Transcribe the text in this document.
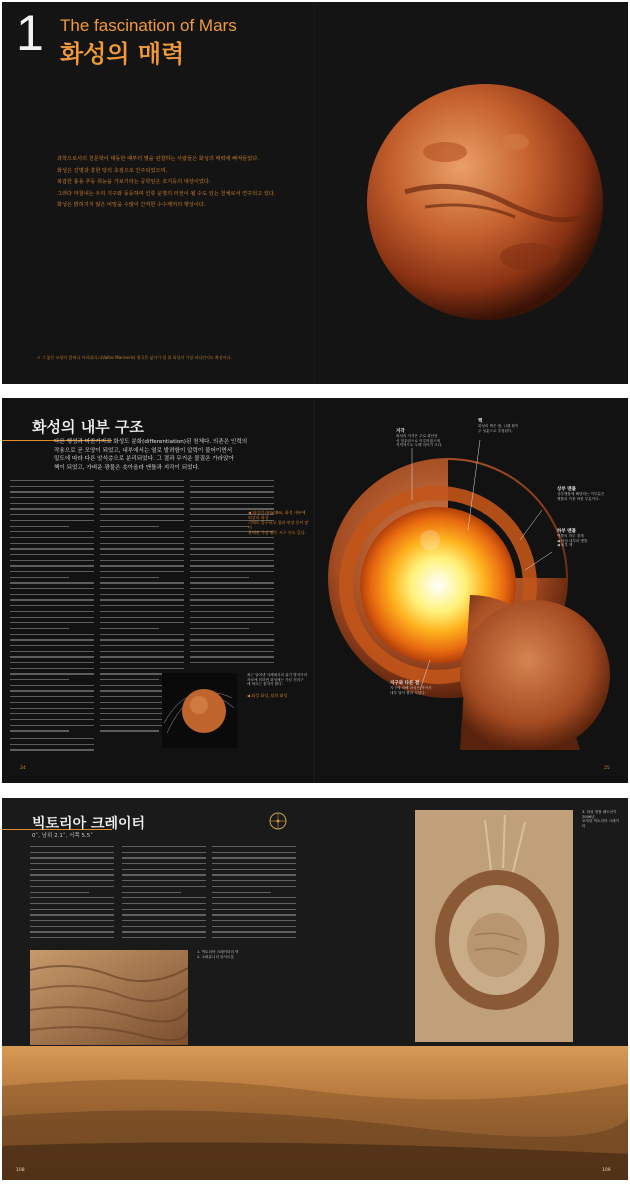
1 The fascination of Mars
화성의 매력
과학으로서의 천문학이 태동한 때부터 별을 관찰하는 사람들은 화성의 매력에 빠져들었다.
화성은 진명과 흥한 당의 초점으로 간주되었으며,
복잡한 흉용 추동 취능을 가보기라는 공학임은 조기등의 대상이었다.
그러다 마침내는 우리 지구와 동등하며 인류 운명의 터전이 될 수도 있는 천체로서 연구되고 있다.
화성은 밝혀지지 않은 비밀을 수많이 간직한 수수께끼의 행성이다.
< 그 붉은 모양이 밝혀나 마리네리스(Valles Marineris) 협곡은 넓이가 될 위 화성의 가장 커다란지도 확장이다.
화성의 내부 구조
다른 행성과 마찬가지로 화성도 분화(differentiation)된 천체다. 의존은 인력의
작용으로 곧 모양이 되었고, 내부에서는 열로 발려함이 압력이 불어이면서
밀도에 따라 다른 암석층으로 분리되었다. 그 결과 무거운 물질은 가라앉아
핵이 되었고, 가벼운 광물은 솟아올라 맨틀과 지각이 되었다.
◀ 화성의 (mantle), 화성 내부에 외상과 화성
기에도 불구하고 열과 연장 등이 많이
용해된 가장 활동 지구 등도 있다.
최근 알아낸 사례에서의 위기 발자가의
자료에 의하면 화성에는 가끔 천지구
에 바르는 물자가 많다.
◀ 화성 화성, 달의 화성
24	25
지각
화성의 지각은 주로 화산암
석 현무암으로 이루어졌으며
지역적으로 두께 차이가 크다.
핵
화성의 핵은 철, 니켈 황이
주 성분으로 추정된다.
상부 맨틀
상부맨틀에 해당하는 이부분은
맨틀의 가장 바깥 부분이다.
하부 맨틀
맨틀의 하부 경계
◀ 화성 내부의 맨틀
◀ 외부 핵
지구와 다른 점
지구에 비해 화성은 작아서
내부 열이 빨리 식었다.
빅토리아 크레이터
0˚, 남위 2.1˚, 서쪽 5.5˚
1. 빅토리아 크레이터의 벽
2. 오퍼튜니티 탐사로봇
3. 화성 정찰 궤도선이 2006년
포착된 빅토리아 크레이터
108	109
